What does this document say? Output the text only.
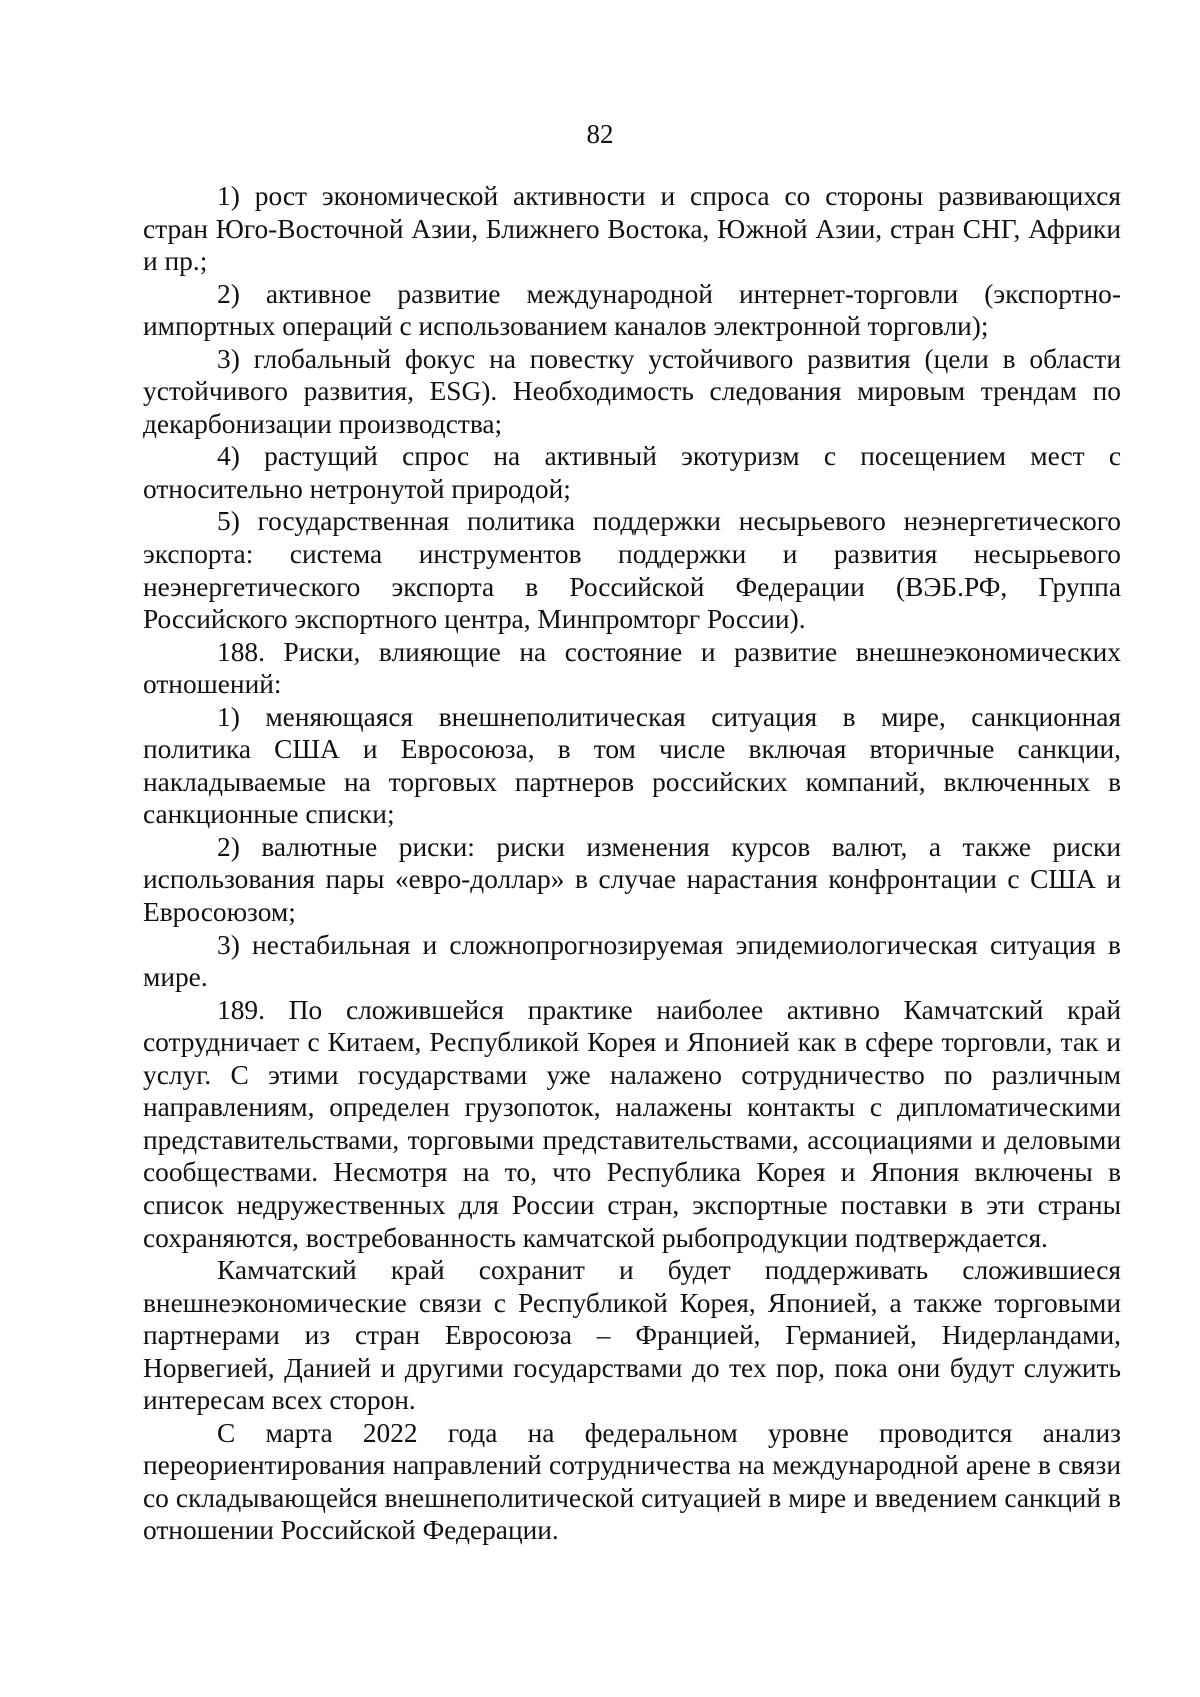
82

1) рост экономической активности и спроса со стороны развивающихся стран Юго-Восточной Азии, Ближнего Востока, Южной Азии, стран СНГ, Африки и пр.;

2) активное развитие международной интернет-торговли (экспортно-импортных операций с использованием каналов электронной торговли);

3) глобальный фокус на повестку устойчивого развития (цели в области устойчивого развития, ESG). Необходимость следования мировым трендам по декарбонизации производства;

4) растущий спрос на активный экотуризм с посещением мест с относительно нетронутой природой;

5) государственная политика поддержки несырьевого неэнергетического экспорта: система инструментов поддержки и развития несырьевого неэнергетического экспорта в Российской Федерации (ВЭБ.РФ, Группа Российского экспортного центра, Минпромторг России).

188. Риски, влияющие на состояние и развитие внешнеэкономических отношений:

1) меняющаяся внешнеполитическая ситуация в мире, санкционная политика США и Евросоюза, в том числе включая вторичные санкции, накладываемые на торговых партнеров российских компаний, включенных в санкционные списки;

2) валютные риски: риски изменения курсов валют, а также риски использования пары «евро-доллар» в случае нарастания конфронтации с США и Евросоюзом;

3) нестабильная и сложнопрогнозируемая эпидемиологическая ситуация в мире.

189. По сложившейся практике наиболее активно Камчатский край сотрудничает с Китаем, Республикой Корея и Японией как в сфере торговли, так и услуг. С этими государствами уже налажено сотрудничество по различным направлениям, определен грузопоток, налажены контакты с дипломатическими представительствами, торговыми представительствами, ассоциациями и деловыми сообществами. Несмотря на то, что Республика Корея и Япония включены в список недружественных для России стран, экспортные поставки в эти страны сохраняются, востребованность камчатской рыбопродукции подтверждается.

Камчатский край сохранит и будет поддерживать сложившиеся внешнеэкономические связи с Республикой Корея, Японией, а также торговыми партнерами из стран Евросоюза – Францией, Германией, Нидерландами, Норвегией, Данией и другими государствами до тех пор, пока они будут служить интересам всех сторон.

С марта 2022 года на федеральном уровне проводится анализ переориентирования направлений сотрудничества на международной арене в связи со складывающейся внешнеполитической ситуацией в мире и введением санкций в отношении Российской Федерации.
